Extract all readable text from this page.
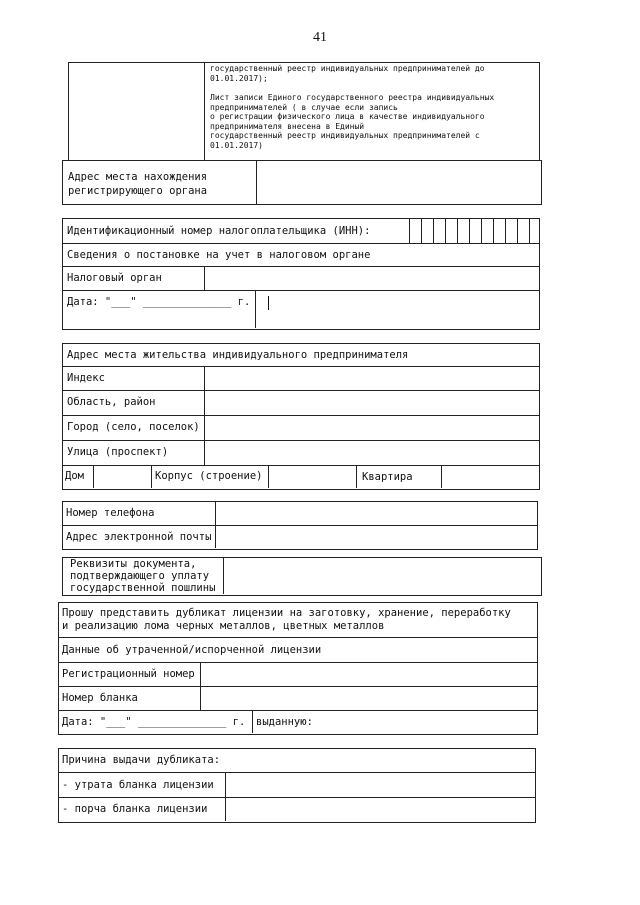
41
государственный реестр индивидуальных предпринимателей до
01.01.2017);
Лист записи Единого государственного реестра индивидуальных
предпринимателей ( в случае если запись
о регистрации физического лица в качестве индивидуального
предпринимателя внесена в Единый
государственный реестр индивидуальных предпринимателей с
01.01.2017)
Адрес места нахождения
регистрирующего органа
Идентификационный номер налогоплательщика (ИНН):
Сведения о постановке на учет в налоговом органе
Налоговый орган
Дата: "___" ______________ г.
Адрес места жительства индивидуального предпринимателя
Индекс
Область, район
Город (село, поселок)
Улица (проспект)
Дом	Корпус (строение)	Квартира
Номер телефона
Адрес электронной почты
Реквизиты документа,
подтверждающего уплату
государственной пошлины
Прошу представить дубликат лицензии на заготовку, хранение, переработку
и реализацию лома черных металлов, цветных металлов
Данные об утраченной/испорченной лицензии
Регистрационный номер
Номер бланка
Дата: "___" ______________ г. выданную:
Причина выдачи дубликата:
- утрата бланка лицензии
- порча бланка лицензии
